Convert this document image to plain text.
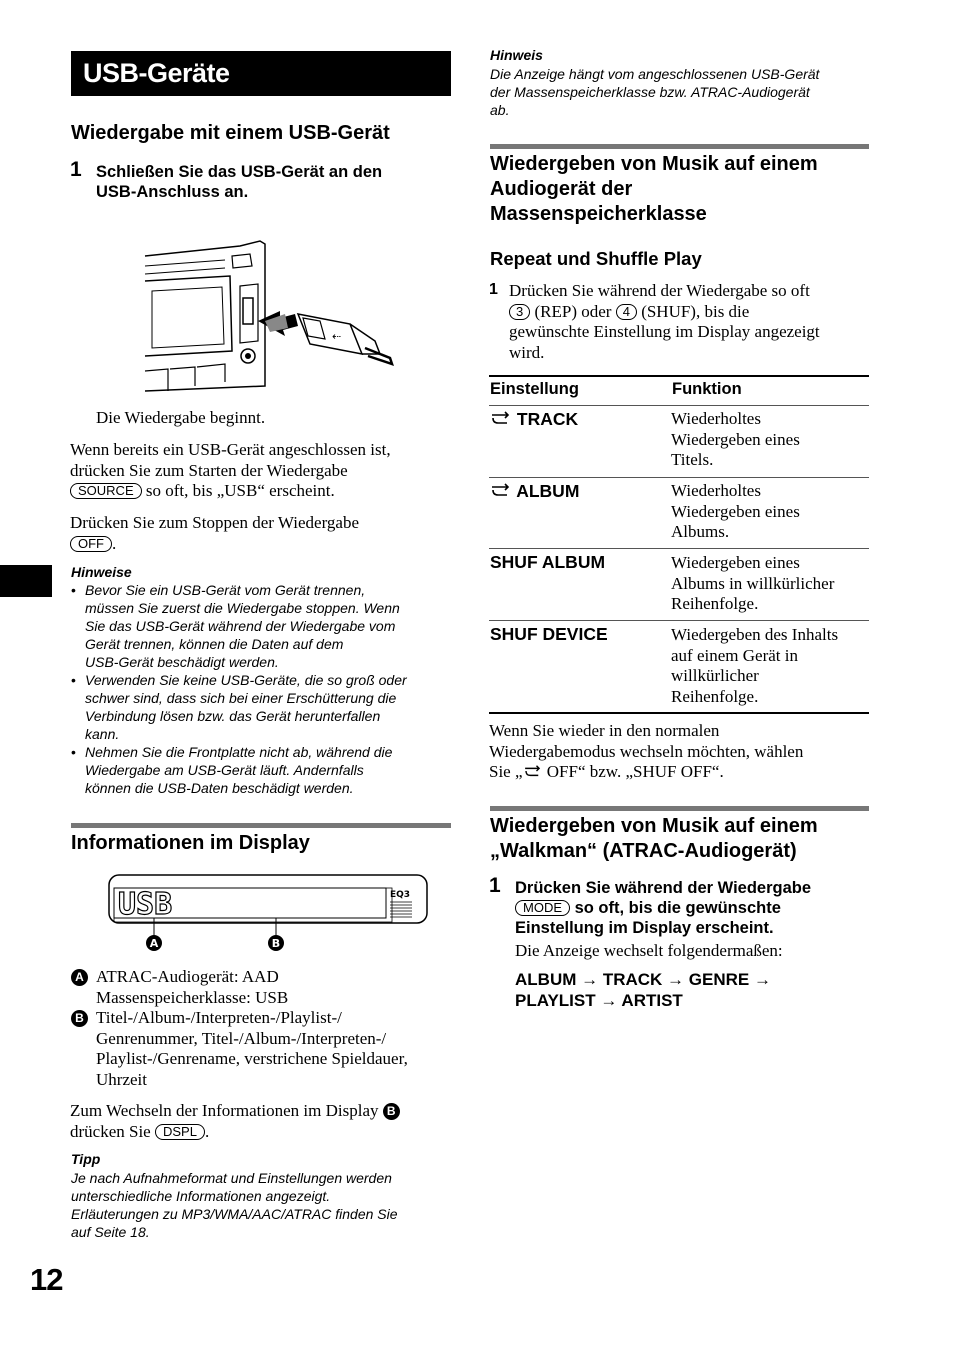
USB-Geräte
Wiedergabe mit einem USB-Gerät
1 Schließen Sie das USB-Gerät an den
USB-Anschluss an.
⇠
Die Wiedergabe beginnt.
Wenn bereits ein USB-Gerät angeschlossen ist,
drücken Sie zum Starten der Wiedergabe
SOURCE so oft, bis „USB“ erscheint.
Drücken Sie zum Stoppen der Wiedergabe
OFF .
Hinweise
• Bevor Sie ein USB-Gerät vom Gerät trennen,
müssen Sie zuerst die Wiedergabe stoppen. Wenn
Sie das USB-Gerät während der Wiedergabe vom
Gerät trennen, können die Daten auf dem
USB-Gerät beschädigt werden.
• Verwenden Sie keine USB-Geräte, die so groß oder
schwer sind, dass sich bei einer Erschütterung die
Verbindung lösen bzw. das Gerät herunterfallen
kann.
• Nehmen Sie die Frontplatte nicht ab, während die
Wiedergabe am USB-Gerät läuft. Andernfalls
können die USB-Daten beschädigt werden.
Informationen im Display
USB	EQ3
A	B
A ATRAC-Audiogerät: AAD
Massenspeicherklasse: USB
B Titel-/Album-/Interpreten-/Playlist-/
Genrenummer, Titel-/Album-/Interpreten-/
Playlist-/Genrename, verstrichene Spieldauer,
Uhrzeit
Zum Wechseln der Informationen im Display B
drücken Sie DSPL .
Tipp
Je nach Aufnahmeformat und Einstellungen werden
unterschiedliche Informationen angezeigt.
Erläuterungen zu MP3/WMA/AAC/ATRAC finden Sie
auf Seite 18.
12
Hinweis
Die Anzeige hängt vom angeschlossenen USB-Gerät
der Massenspeicherklasse bzw. ATRAC-Audiogerät
ab.
Wiedergeben von Musik auf einem
Audiogerät der
Massenspeicherklasse
Repeat und Shuffle Play
1 Drücken Sie während der Wiedergabe so oft
3 (REP) oder 4 (SHUF), bis die
gewünschte Einstellung im Display angezeigt
wird.
Einstellung	Funktion
TRACK	Wiederholtes
Wiedergeben eines
Titels.
ALBUM	Wiederholtes
Wiedergeben eines
Albums.
SHUF ALBUM	Wiedergeben eines
Albums in willkürlicher
Reihenfolge.
SHUF DEVICE	Wiedergeben des Inhalts
auf einem Gerät in
willkürlicher
Reihenfolge.
Wenn Sie wieder in den normalen
Wiedergabemodus wechseln möchten, wählen
Sie „ OFF“ bzw. „SHUF OFF“.
Wiedergeben von Musik auf einem
„Walkman“ (ATRAC-Audiogerät)
1 Drücken Sie während der Wiedergabe
MODE so oft, bis die gewünschte
Einstellung im Display erscheint.
Die Anzeige wechselt folgendermaßen:
ALBUM → TRACK → GENRE →
PLAYLIST → ARTIST
